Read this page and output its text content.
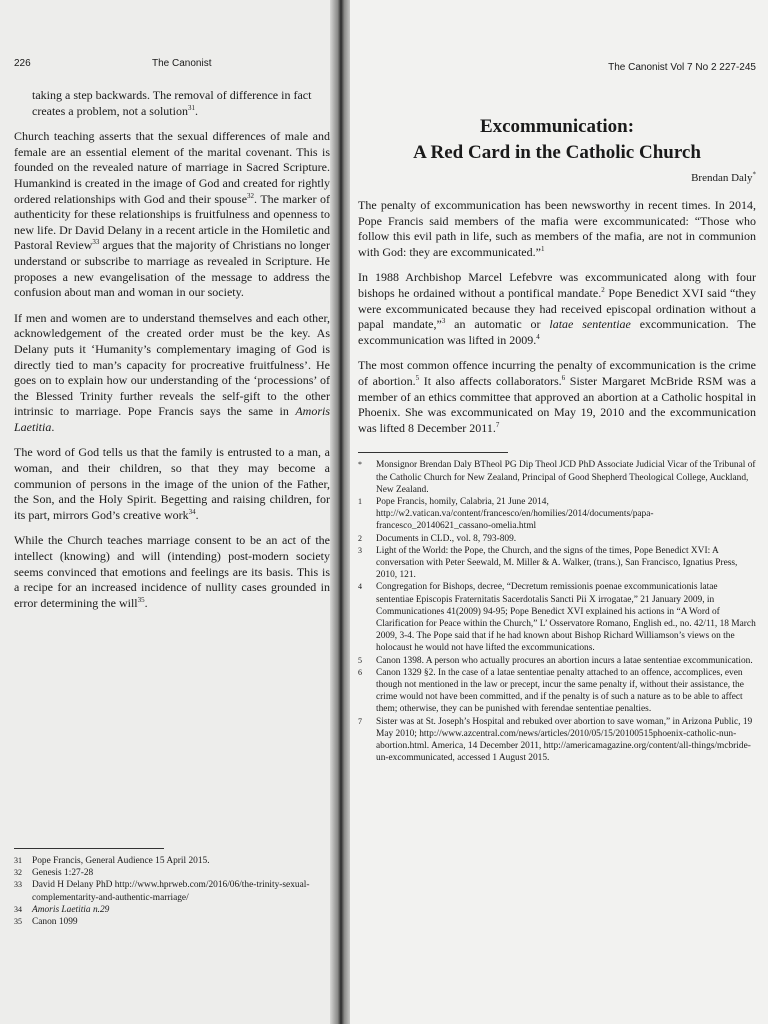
226	The Canonist

taking a step backwards. The removal of difference in fact creates a problem, not a solution$^{31}$.

Church teaching asserts that the sexual differences of male and female are an essential element of the marital covenant. This is founded on the revealed nature of marriage in Sacred Scripture. Humankind is created in the image of God and created for rightly ordered relationships with God and their spouse$^{32}$. The marker of authenticity for these relationships is fruitfulness and openness to new life. Dr David Delany in a recent article in the Homiletic and Pastoral Review$^{33}$ argues that the majority of Christians no longer understand or subscribe to marriage as revealed in Scripture. He proposes a new evangelisation of the message to address the confusion about man and woman in our society.

If men and women are to understand themselves and each other, acknowledgement of the created order must be the key. As Delany puts it ‘Humanity’s complementary imaging of God is directly tied to man’s capacity for procreative fruitfulness’. He goes on to explain how our understanding of the ‘processions’ of the Blessed Trinity further reveals the self-gift to the other intrinsic to marriage. Pope Francis says the same in Amoris Laetitia.

The word of God tells us that the family is entrusted to a man, a woman, and their children, so that they may become a communion of persons in the image of the union of the Father, the Son, and the Holy Spirit. Begetting and raising children, for its part, mirrors God’s creative work$^{34}$.

While the Church teaches marriage consent to be an act of the intellect (knowing) and will (intending) post-modern society seems convinced that emotions and feelings are its basis. This is a recipe for an increased incidence of nullity cases grounded in error determining the will$^{35}$.

31	Pope Francis, General Audience 15 April 2015.
32	Genesis 1:27-28
33	David H Delany PhD http://www.hprweb.com/2016/06/the-trinity-sexual-complementarity-and-authentic-marriage/
34	Amoris Laetitia n.29
35	Canon 1099
The Canonist Vol 7 No 2 227-245
Excommunication:
A Red Card in the Catholic Church
Brendan Daly*

The penalty of excommunication has been newsworthy in recent times. In 2014, Pope Francis said members of the mafia were excommunicated: “Those who follow this evil path in life, such as members of the mafia, are not in communion with God: they are excommunicated.”$^1$

In 1988 Archbishop Marcel Lefebvre was excommunicated along with four bishops he ordained without a pontifical mandate.$^2$ Pope Benedict XVI said “they were excommunicated because they had received episcopal ordination without a papal mandate,”$^3$ an automatic or latae sententiae excommunication. The excommunication was lifted in 2009.$^4$

The most common offence incurring the penalty of excommunication is the crime of abortion.$^5$ It also affects collaborators.$^6$ Sister Margaret McBride RSM was a member of an ethics committee that approved an abortion at a Catholic hospital in Phoenix. She was excommunicated on May 19, 2010 and the excommunication was lifted 8 December 2011.$^7$

*	Monsignor Brendan Daly BTheol PG Dip Theol JCD PhD Associate Judicial Vicar of the Tribunal of the Catholic Church for New Zealand, Principal of Good Shepherd Theological College, Auckland, New Zealand.
1	Pope Francis, homily, Calabria, 21 June 2014, http://w2.vatican.va/content/francesco/en/homilies/2014/documents/papa-francesco_20140621_cassano-omelia.html
2	Documents in CLD., vol. 8, 793-809.
3	Light of the World: the Pope, the Church, and the signs of the times, Pope Benedict XVI: A conversation with Peter Seewald, M. Miller & A. Walker, (trans.), San Francisco, Ignatius Press, 2010, 121.
4	Congregation for Bishops, decree, “Decretum remissionis poenae excommunicationis latae sententiae Episcopis Fraternitatis Sacerdotalis Sancti Pii X irrogatae,” 21 January 2009, in Communicationes 41(2009) 94-95; Pope Benedict XVI explained his actions in “A Word of Clarification for Peace within the Church,” L’ Osservatore Romano, English ed., no. 42/11, 18 March 2009, 3-4. The Pope said that if he had known about Bishop Richard Williamson’s views on the holocaust he would not have lifted the excommunications.
5	Canon 1398. A person who actually procures an abortion incurs a latae sententiae excommunication.
6	Canon 1329 §2. In the case of a latae sententiae penalty attached to an offence, accomplices, even though not mentioned in the law or precept, incur the same penalty if, without their assistance, the crime would not have been committed, and if the penalty is of such a nature as to be able to affect them; otherwise, they can be punished with ferendae sententiae penalties.
7	Sister was at St. Joseph’s Hospital and rebuked over abortion to save woman,” in Arizona Public, 19 May 2010; http://www.azcentral.com/news/articles/2010/05/15/20100515phoenix-catholic-nun-abortion.html. America, 14 December 2011, http://americamagazine.org/content/all-things/mcbride-un-excommunicated, accessed 1 August 2015.
